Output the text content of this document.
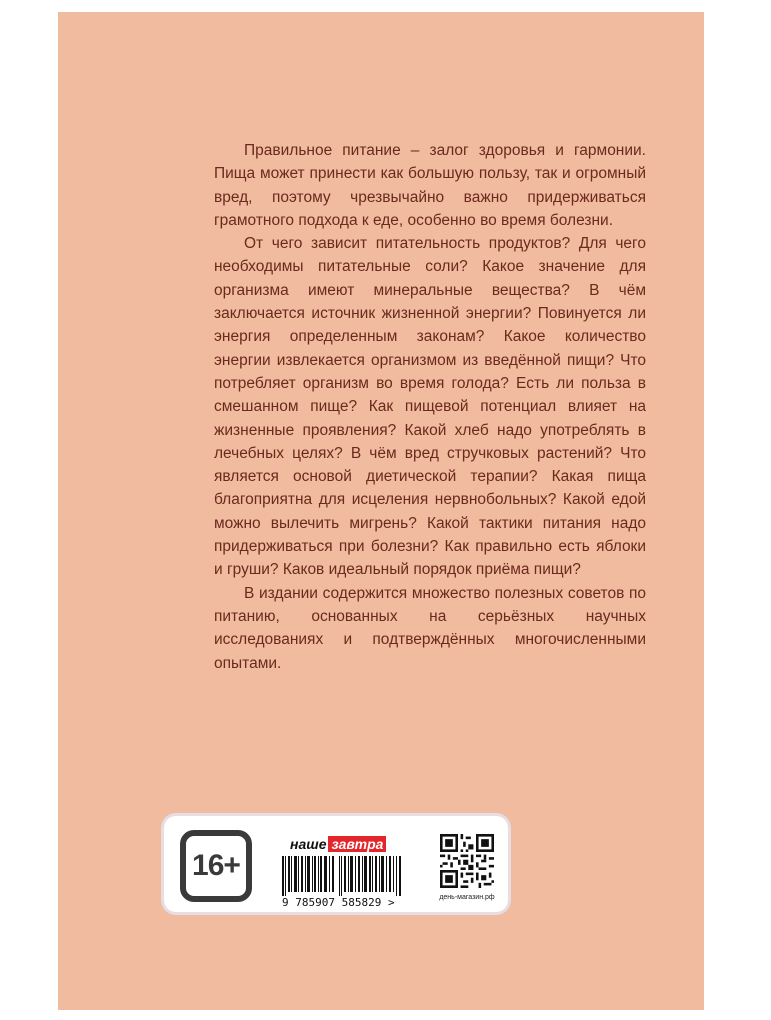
Правильное питание – залог здоровья и гармонии. Пища может принести как большую пользу, так и огромный вред, поэтому чрезвычайно важно придерживаться грамотного подхода к еде, особенно во время болезни.

От чего зависит питательность продуктов? Для чего необходимы питательные соли? Какое значение для организма имеют минеральные вещества? В чём заключается источник жизненной энергии? Повинуется ли энергия определенным законам? Какое количество энергии извлекается организмом из введённой пищи? Что потребляет организм во время голода? Есть ли польза в смешанном пище? Как пищевой потенциал влияет на жизненные проявления? Какой хлеб надо употреблять в лечебных целях? В чём вред стручковых растений? Что является основой диетической терапии? Какая пища благоприятна для исцеления нервнобольных? Какой едой можно вылечить мигрень? Какой тактики питания надо придерживаться при болезни? Как правильно есть яблоки и груши? Каков идеальный порядок приёма пищи?

В издании содержится множество полезных советов по питанию, основанных на серьёзных научных исследованиях и подтверждённых многочисленными опытами.

16+
наше завтра
9 785907 585829 >	день-магазин.рф
